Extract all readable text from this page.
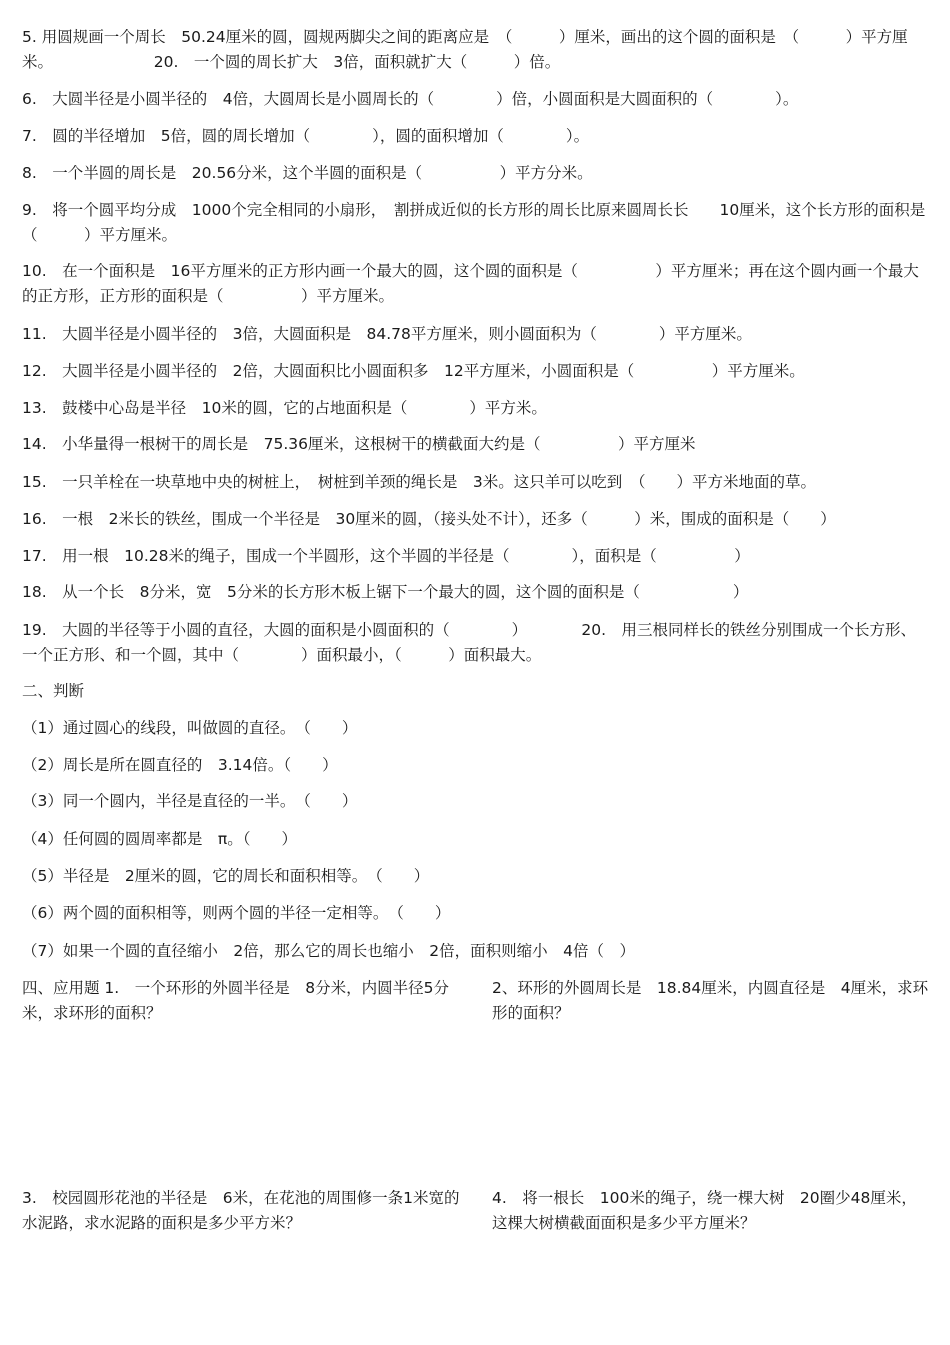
5. 用圆规画一个周长　50.24厘米的圆，圆规两脚尖之间的距离应是　（　　　）厘米，画出的这个圆的面积是　（　　　）平方厘米。　　　　　　　20.　一个圆的周长扩大　3倍，面积就扩大（　　　）倍。
6.　大圆半径是小圆半径的　4倍，大圆周长是小圆周长的（　　　　）倍，小圆面积是大圆面积的（　　　　）。
7.　圆的半径增加　5倍，圆的周长增加（　　　　），圆的面积增加（　　　　）。
8.　一个半圆的周长是　20.56分米，这个半圆的面积是（　　　　　）平方分米。
9.　将一个圆平均分成　1000个完全相同的小扇形，　割拼成近似的长方形的周长比原来圆周长长　　10厘米，这个长方形的面积是（　　　）平方厘米。
10.　在一个面积是　16平方厘米的正方形内画一个最大的圆，这个圆的面积是（　　　　　）平方厘米；再在这个圆内画一个最大的正方形，正方形的面积是（　　　　　）平方厘米。
11.　大圆半径是小圆半径的　3倍，大圆面积是　84.78平方厘米，则小圆面积为（　　　　）平方厘米。
12.　大圆半径是小圆半径的　2倍，大圆面积比小圆面积多　12平方厘米，小圆面积是（　　　　　）平方厘米。
13.　鼓楼中心岛是半径　10米的圆，它的占地面积是（　　　　）平方米。
14.　小华量得一根树干的周长是　75.36厘米，这根树干的横截面大约是（　　　　　）平方厘米
15.　一只羊栓在一块草地中央的树桩上，　树桩到羊颈的绳长是　3米。这只羊可以吃到　（　　）平方米地面的草。
16.　一根　2米长的铁丝，围成一个半径是　30厘米的圆，（接头处不计），还多（　　　）米，围成的面积是（　　）
17.　用一根　10.28米的绳子，围成一个半圆形，这个半圆的半径是（　　　　），面积是（　　　　　）
18.　从一个长　8分米，宽　5分米的长方形木板上锯下一个最大的圆，这个圆的面积是（　　　　　　）
19.　大圆的半径等于小圆的直径，大圆的面积是小圆面积的（　　　　）　　　　20.　用三根同样长的铁丝分别围成一个长方形、一个正方形、和一个圆，其中（　　　　）面积最小，（　　　）面积最大。
二、判断
（1）通过圆心的线段，叫做圆的直径。　（　　）
（2）周长是所在圆直径的　3.14倍。（　　）
（3）同一个圆内，半径是直径的一半。　（　　）
（4）任何圆的圆周率都是　π。（　　）
（5）半径是　2厘米的圆，它的周长和面积相等。　（　　）
（6）两个圆的面积相等，则两个圆的半径一定相等。　（　　）
（7）如果一个圆的直径缩小　2倍，那么它的周长也缩小　2倍，面积则缩小　4倍（　）
四、应用题 1.　一个环形的外圆半径是　8分米，内圆半径5分米，求环形的面积？
2、环形的外圆周长是　18.84厘米，内圆直径是　4厘米，求环形的面积？
3.　校园圆形花池的半径是　6米，在花池的周围修一条1米宽的水泥路，求水泥路的面积是多少平方米？
4.　将一根长　100米的绳子，绕一棵大树　20圈少48厘米，这棵大树横截面面积是多少平方厘米？
